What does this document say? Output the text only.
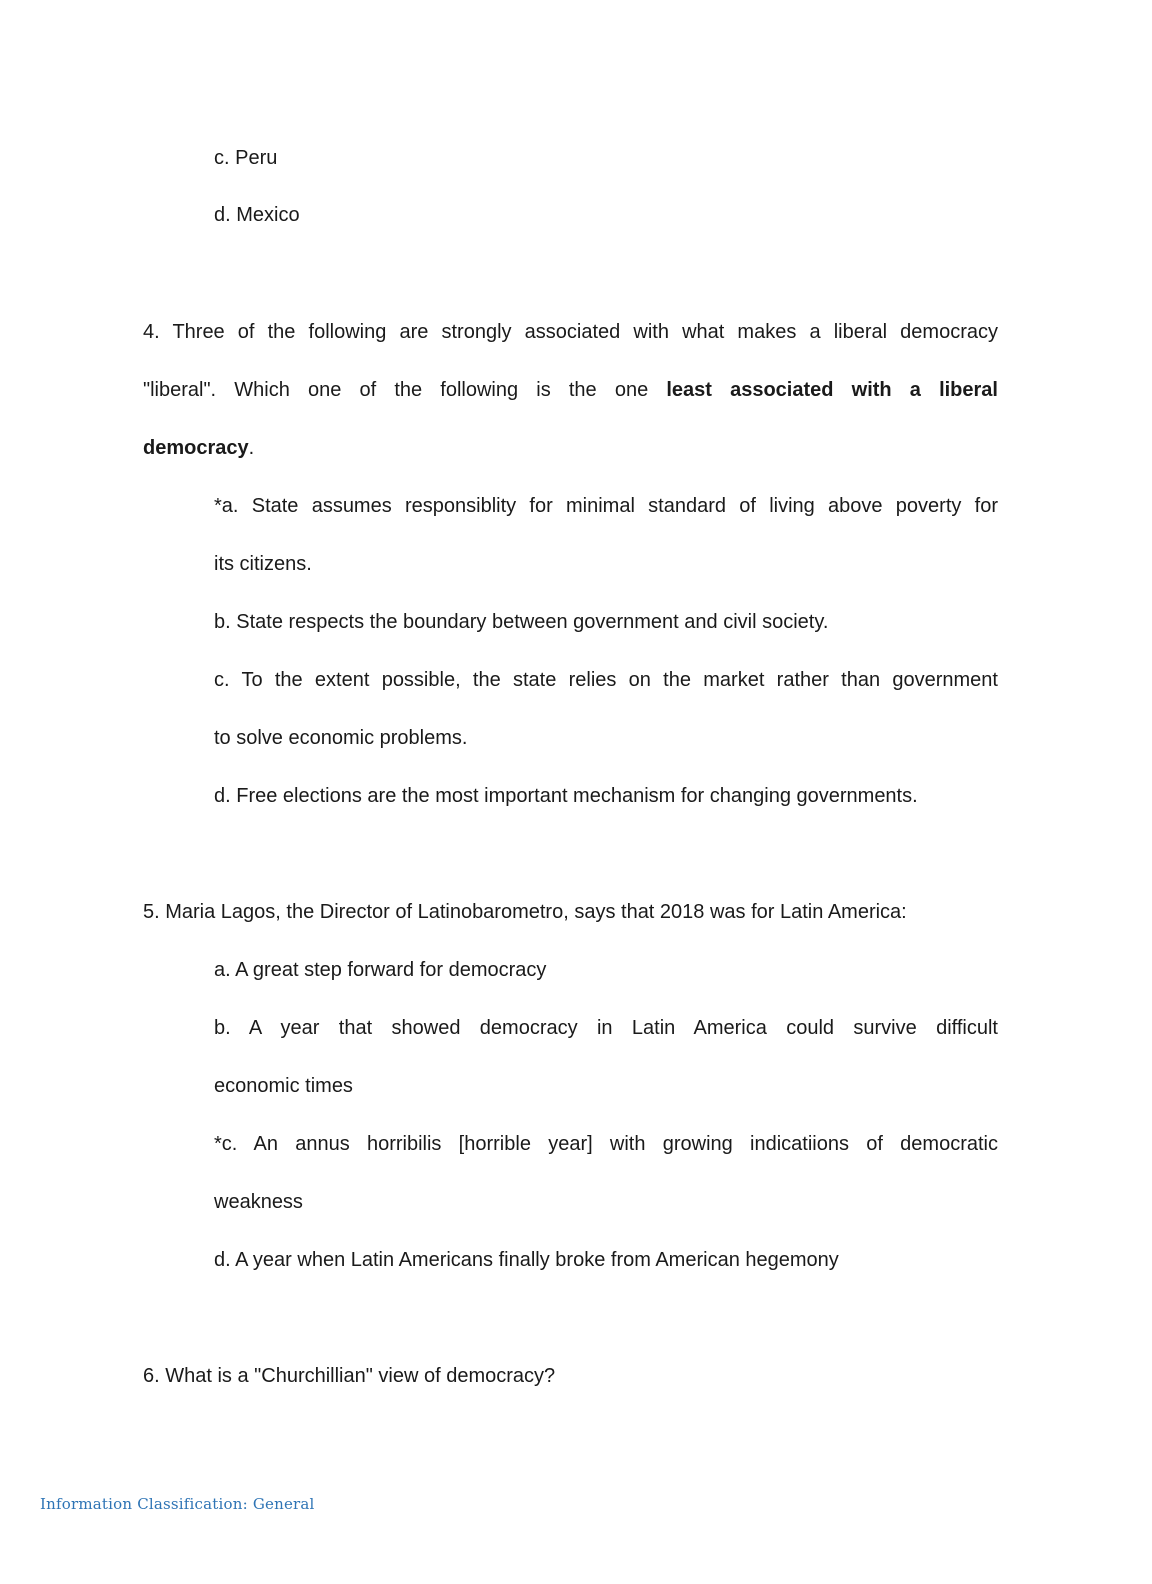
c. Peru
d. Mexico
4. Three of the following are strongly associated with what makes a liberal democracy
"liberal". Which one of the following is the one least associated with a liberal
democracy.
*a. State assumes responsiblity for minimal standard of living above poverty for
its citizens.
b. State respects the boundary between government and civil society.
c. To the extent possible, the state relies on the market rather than government
to solve economic problems.
d. Free elections are the most important mechanism for changing governments.
5. Maria Lagos, the Director of Latinobarometro, says that 2018 was for Latin America:
a. A great step forward for democracy
b. A year that showed democracy in Latin America could survive difficult
economic times
*c. An annus horribilis [horrible year] with growing indicatiions of democratic
weakness
d. A year when Latin Americans finally broke from American hegemony
6. What is a "Churchillian" view of democracy?
Information Classification: General
